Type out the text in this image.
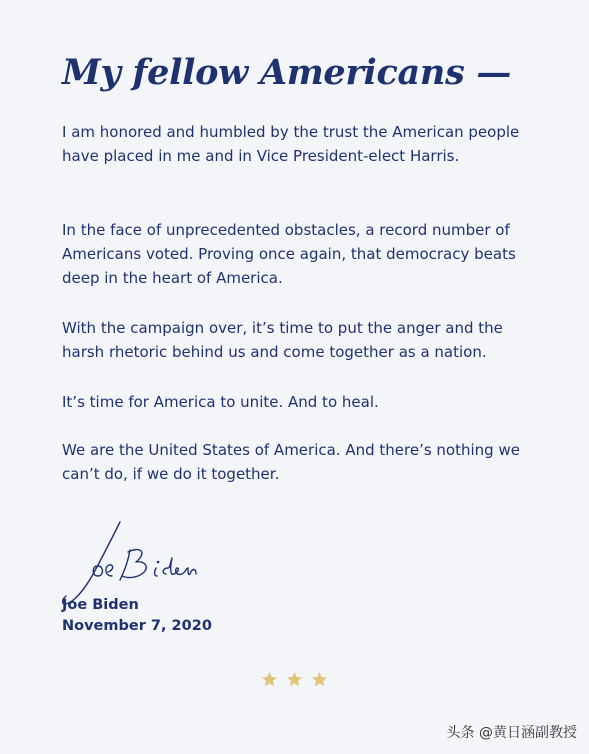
My fellow Americans —

I am honored and humbled by the trust the American people have placed in me and in Vice President-elect Harris.

In the face of unprecedented obstacles, a record number of Americans voted. Proving once again, that democracy beats deep in the heart of America.

With the campaign over, it’s time to put the anger and the harsh rhetoric behind us and come together as a nation.

It’s time for America to unite. And to heal.

We are the United States of America. And there’s nothing we can’t do, if we do it together.

Joe Biden
November 7, 2020
头条 @黄日涵副教授
